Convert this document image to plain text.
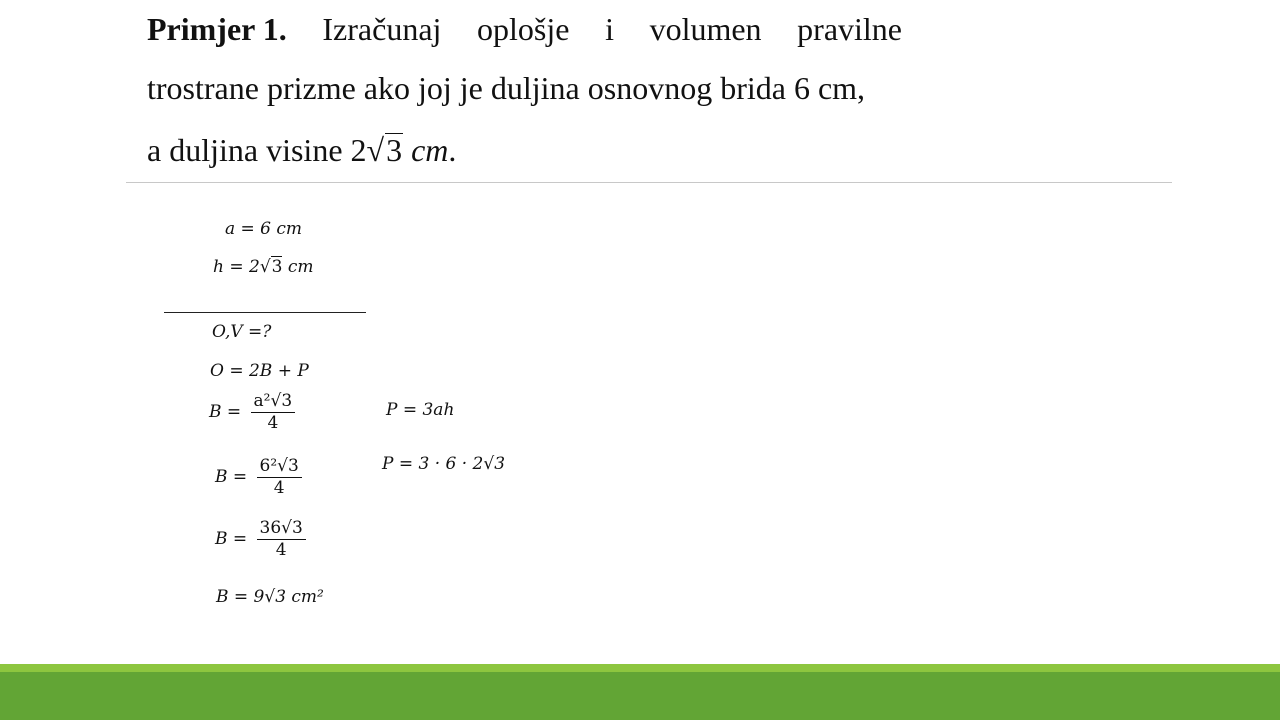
Primjer 1. Izračunaj oplošje i volumen pravilne
trostrane prizme ako joj je duljina osnovnog brida 6 cm,
a duljina visine 2√3 cm.
a = 6 cm
h = 2√3 cm
O,V =?
O = 2B + P
$B = \frac{\text{a²√3}}{4}$	P = 3ah
$B = \frac{\text{6²√3}}{4}$	P = 3 · 6 · 2√3
$B = \frac{36√3}{4}$
B = 9√3 cm²
